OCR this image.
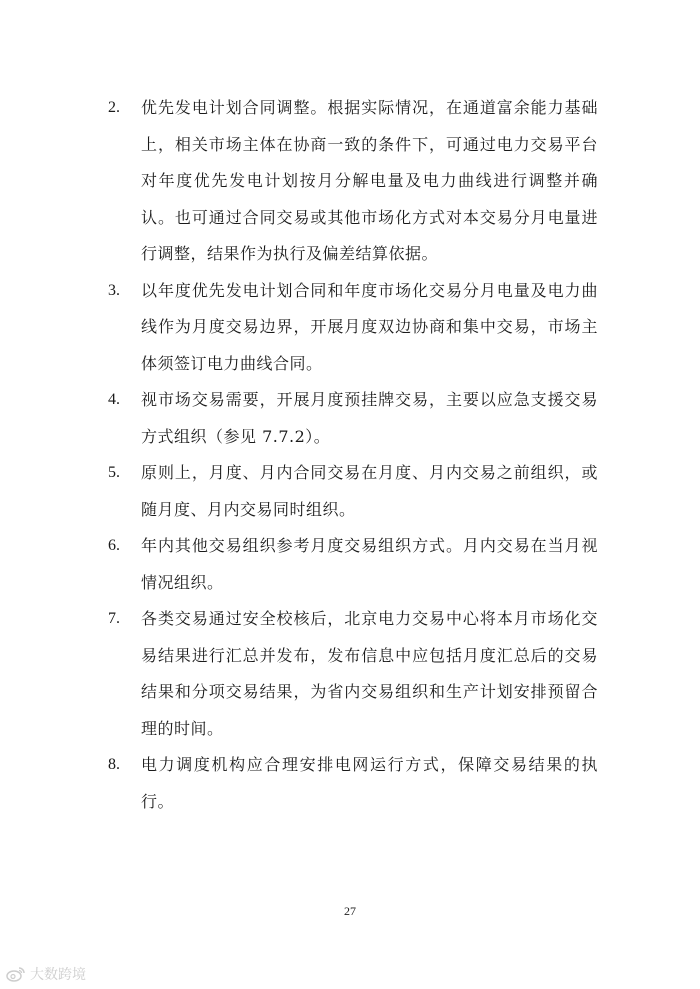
2.	优先发电计划合同调整。根据实际情况，在通道富余能力基础上，相关市场主体在协商一致的条件下，可通过电力交易平台对年度优先发电计划按月分解电量及电力曲线进行调整并确认。也可通过合同交易或其他市场化方式对本交易分月电量进行调整，结果作为执行及偏差结算依据。
3.	以年度优先发电计划合同和年度市场化交易分月电量及电力曲线作为月度交易边界，开展月度双边协商和集中交易，市场主体须签订电力曲线合同。
4.	视市场交易需要，开展月度预挂牌交易，主要以应急支援交易方式组织（参见 7.7.2）。
5.	原则上，月度、月内合同交易在月度、月内交易之前组织，或随月度、月内交易同时组织。
6.	年内其他交易组织参考月度交易组织方式。月内交易在当月视情况组织。
7.	各类交易通过安全校核后，北京电力交易中心将本月市场化交易结果进行汇总并发布，发布信息中应包括月度汇总后的交易结果和分项交易结果，为省内交易组织和生产计划安排预留合理的时间。
8.	电力调度机构应合理安排电网运行方式，保障交易结果的执行。
27
大数跨境
